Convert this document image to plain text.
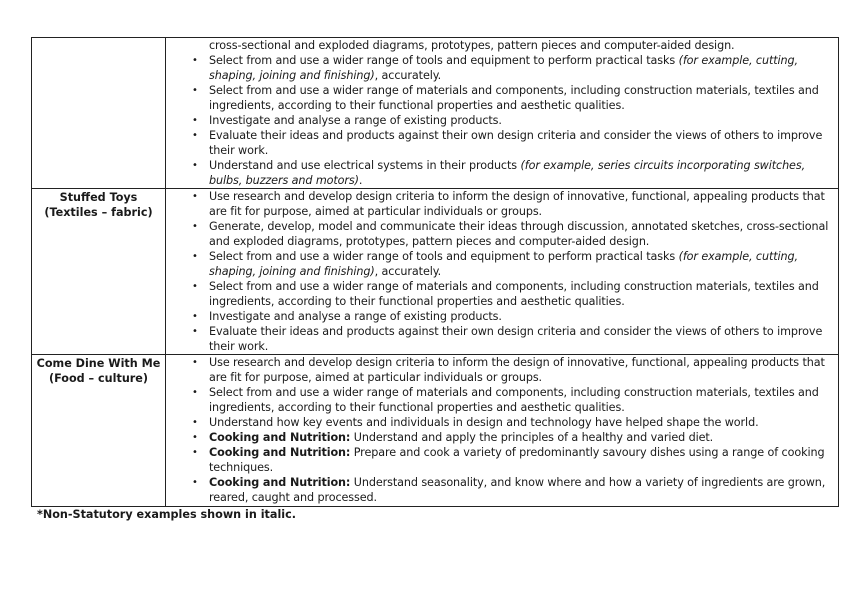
cross-sectional and exploded diagrams, prototypes, pattern pieces and computer-aided design.
• Select from and use a wider range of tools and equipment to perform practical tasks (for example, cutting, shaping, joining and finishing), accurately.
• Select from and use a wider range of materials and components, including construction materials, textiles and ingredients, according to their functional properties and aesthetic qualities.
• Investigate and analyse a range of existing products.
• Evaluate their ideas and products against their own design criteria and consider the views of others to improve their work.
• Understand and use electrical systems in their products (for example, series circuits incorporating switches, bulbs, buzzers and motors).
Stuffed Toys
(Textiles – fabric)
• Use research and develop design criteria to inform the design of innovative, functional, appealing products that are fit for purpose, aimed at particular individuals or groups.
• Generate, develop, model and communicate their ideas through discussion, annotated sketches, cross-sectional and exploded diagrams, prototypes, pattern pieces and computer-aided design.
• Select from and use a wider range of tools and equipment to perform practical tasks (for example, cutting, shaping, joining and finishing), accurately.
• Select from and use a wider range of materials and components, including construction materials, textiles and ingredients, according to their functional properties and aesthetic qualities.
• Investigate and analyse a range of existing products.
• Evaluate their ideas and products against their own design criteria and consider the views of others to improve their work.
Come Dine With Me
(Food – culture)
• Use research and develop design criteria to inform the design of innovative, functional, appealing products that are fit for purpose, aimed at particular individuals or groups.
• Select from and use a wider range of materials and components, including construction materials, textiles and ingredients, according to their functional properties and aesthetic qualities.
• Understand how key events and individuals in design and technology have helped shape the world.
• Cooking and Nutrition: Understand and apply the principles of a healthy and varied diet.
• Cooking and Nutrition: Prepare and cook a variety of predominantly savoury dishes using a range of cooking techniques.
• Cooking and Nutrition: Understand seasonality, and know where and how a variety of ingredients are grown, reared, caught and processed.
*Non-Statutory examples shown in italic.
